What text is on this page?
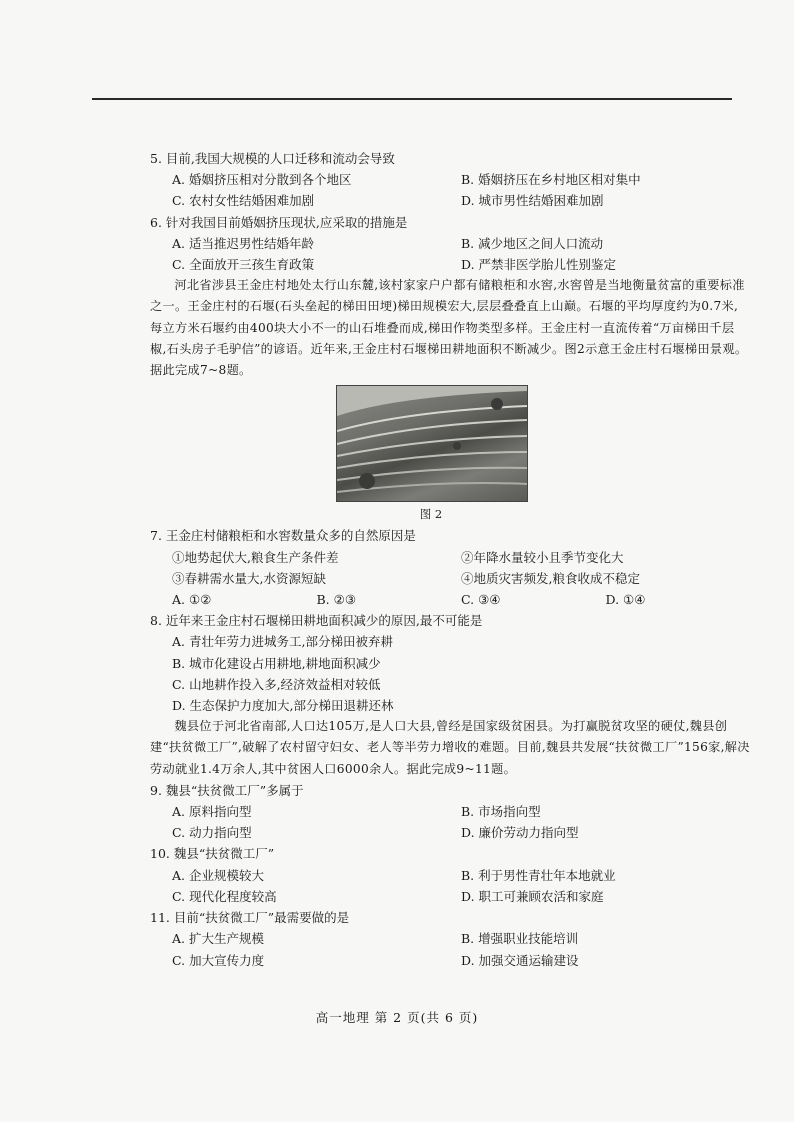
5. 目前,我国大规模的人口迁移和流动会导致

A. 婚姻挤压相对分散到各个地区	B. 婚姻挤压在乡村地区相对集中
C. 农村女性结婚困难加剧	D. 城市男性结婚困难加剧

6. 针对我国目前婚姻挤压现状,应采取的措施是

A. 适当推迟男性结婚年龄	B. 减少地区之间人口流动
C. 全面放开三孩生育政策	D. 严禁非医学胎儿性别鉴定

河北省涉县王金庄村地处太行山东麓,该村家家户户都有储粮柜和水窖,水窖曾是当地衡量贫富的重要标准之一。王金庄村的石堰(石头垒起的梯田田埂)梯田规模宏大,层层叠叠直上山巅。石堰的平均厚度约为0.7米,每立方米石堰约由400块大小不一的山石堆叠而成,梯田作物类型多样。王金庄村一直流传着“万亩梯田千层椒,石头房子毛驴信”的谚语。近年来,王金庄村石堰梯田耕地面积不断减少。图2示意王金庄村石堰梯田景观。据此完成7~8题。

图 2

7. 王金庄村储粮柜和水窖数量众多的自然原因是

①地势起伏大,粮食生产条件差	②年降水量较小且季节变化大
③春耕需水量大,水资源短缺	④地质灾害频发,粮食收成不稳定
A. ①②	B. ②③	C. ③④	D. ①④

8. 近年来王金庄村石堰梯田耕地面积减少的原因,最不可能是

A. 青壮年劳力进城务工,部分梯田被弃耕
B. 城市化建设占用耕地,耕地面积减少
C. 山地耕作投入多,经济效益相对较低
D. 生态保护力度加大,部分梯田退耕还林

魏县位于河北省南部,人口达105万,是人口大县,曾经是国家级贫困县。为打赢脱贫攻坚的硬仗,魏县创建“扶贫微工厂”,破解了农村留守妇女、老人等半劳力增收的难题。目前,魏县共发展“扶贫微工厂”156家,解决劳动就业1.4万余人,其中贫困人口6000余人。据此完成9~11题。

9. 魏县“扶贫微工厂”多属于

A. 原料指向型	B. 市场指向型
C. 动力指向型	D. 廉价劳动力指向型

10. 魏县“扶贫微工厂”

A. 企业规模较大	B. 利于男性青壮年本地就业
C. 现代化程度较高	D. 职工可兼顾农活和家庭

11. 目前“扶贫微工厂”最需要做的是

A. 扩大生产规模	B. 增强职业技能培训
C. 加大宣传力度	D. 加强交通运输建设
高一地理 第 2 页(共 6 页)
